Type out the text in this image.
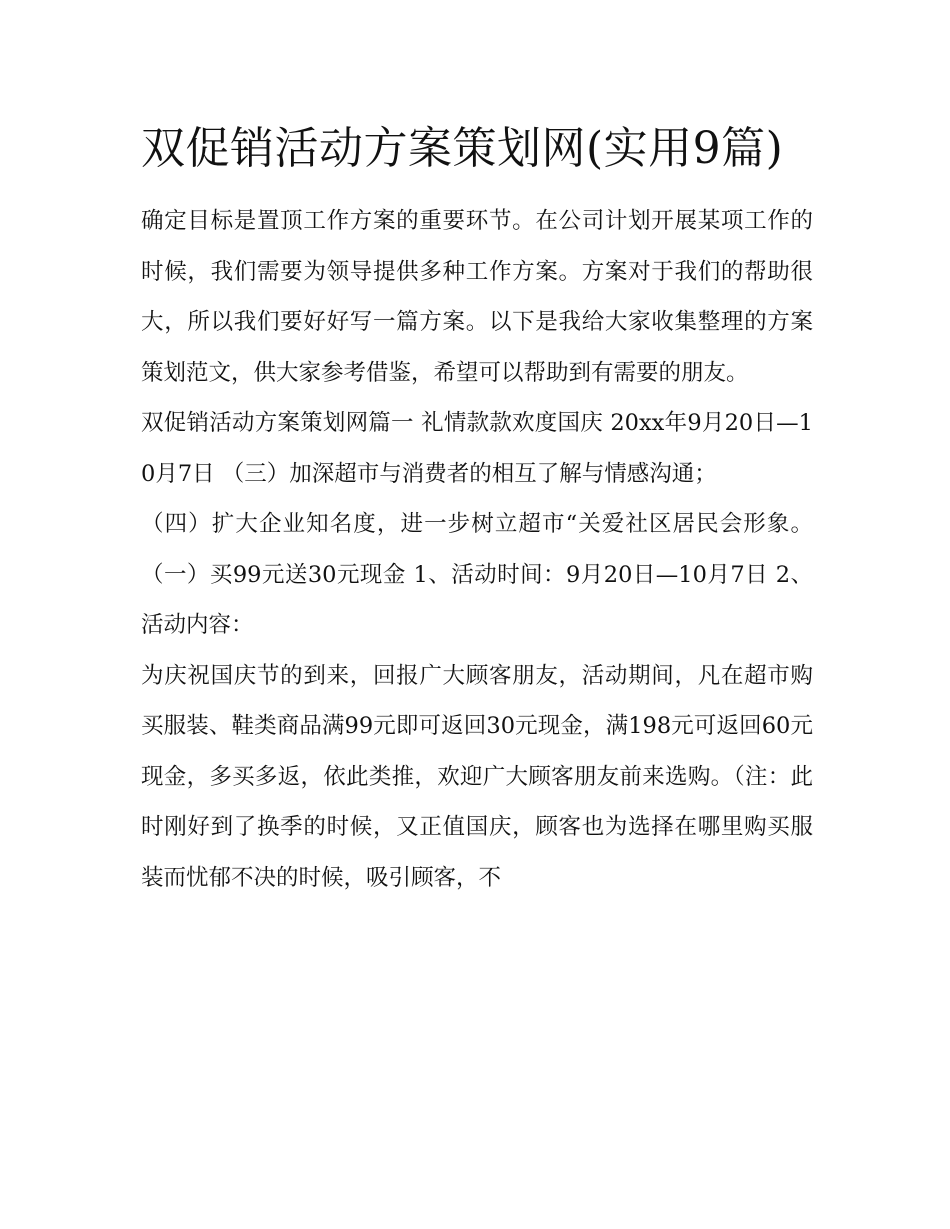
双促销活动方案策划网(实用9篇)

确定目标是置顶工作方案的重要环节。在公司计划开展某项工作的时候，我们需要为领导提供多种工作方案。方案对于我们的帮助很大，所以我们要好好写一篇方案。以下是我给大家收集整理的方案策划范文，供大家参考借鉴，希望可以帮助到有需要的朋友。

双促销活动方案策划网篇一 礼情款款欢度国庆 20xx年9月20日—10月7日 （三）加深超市与消费者的相互了解与情感沟通；

（四）扩大企业知名度，进一步树立超市“关爱社区居民会形象。 （一）买99元送30元现金 1、活动时间：9月20日—10月7日 2、活动内容：

为庆祝国庆节的到来，回报广大顾客朋友，活动期间，凡在超市购买服装、鞋类商品满99元即可返回30元现金，满198元可返回60元现金，多买多返，依此类推，欢迎广大顾客朋友前来选购。（注：此时刚好到了换季的时候，又正值国庆，顾客也为选择在哪里购买服装而忧郁不决的时候，吸引顾客，不
